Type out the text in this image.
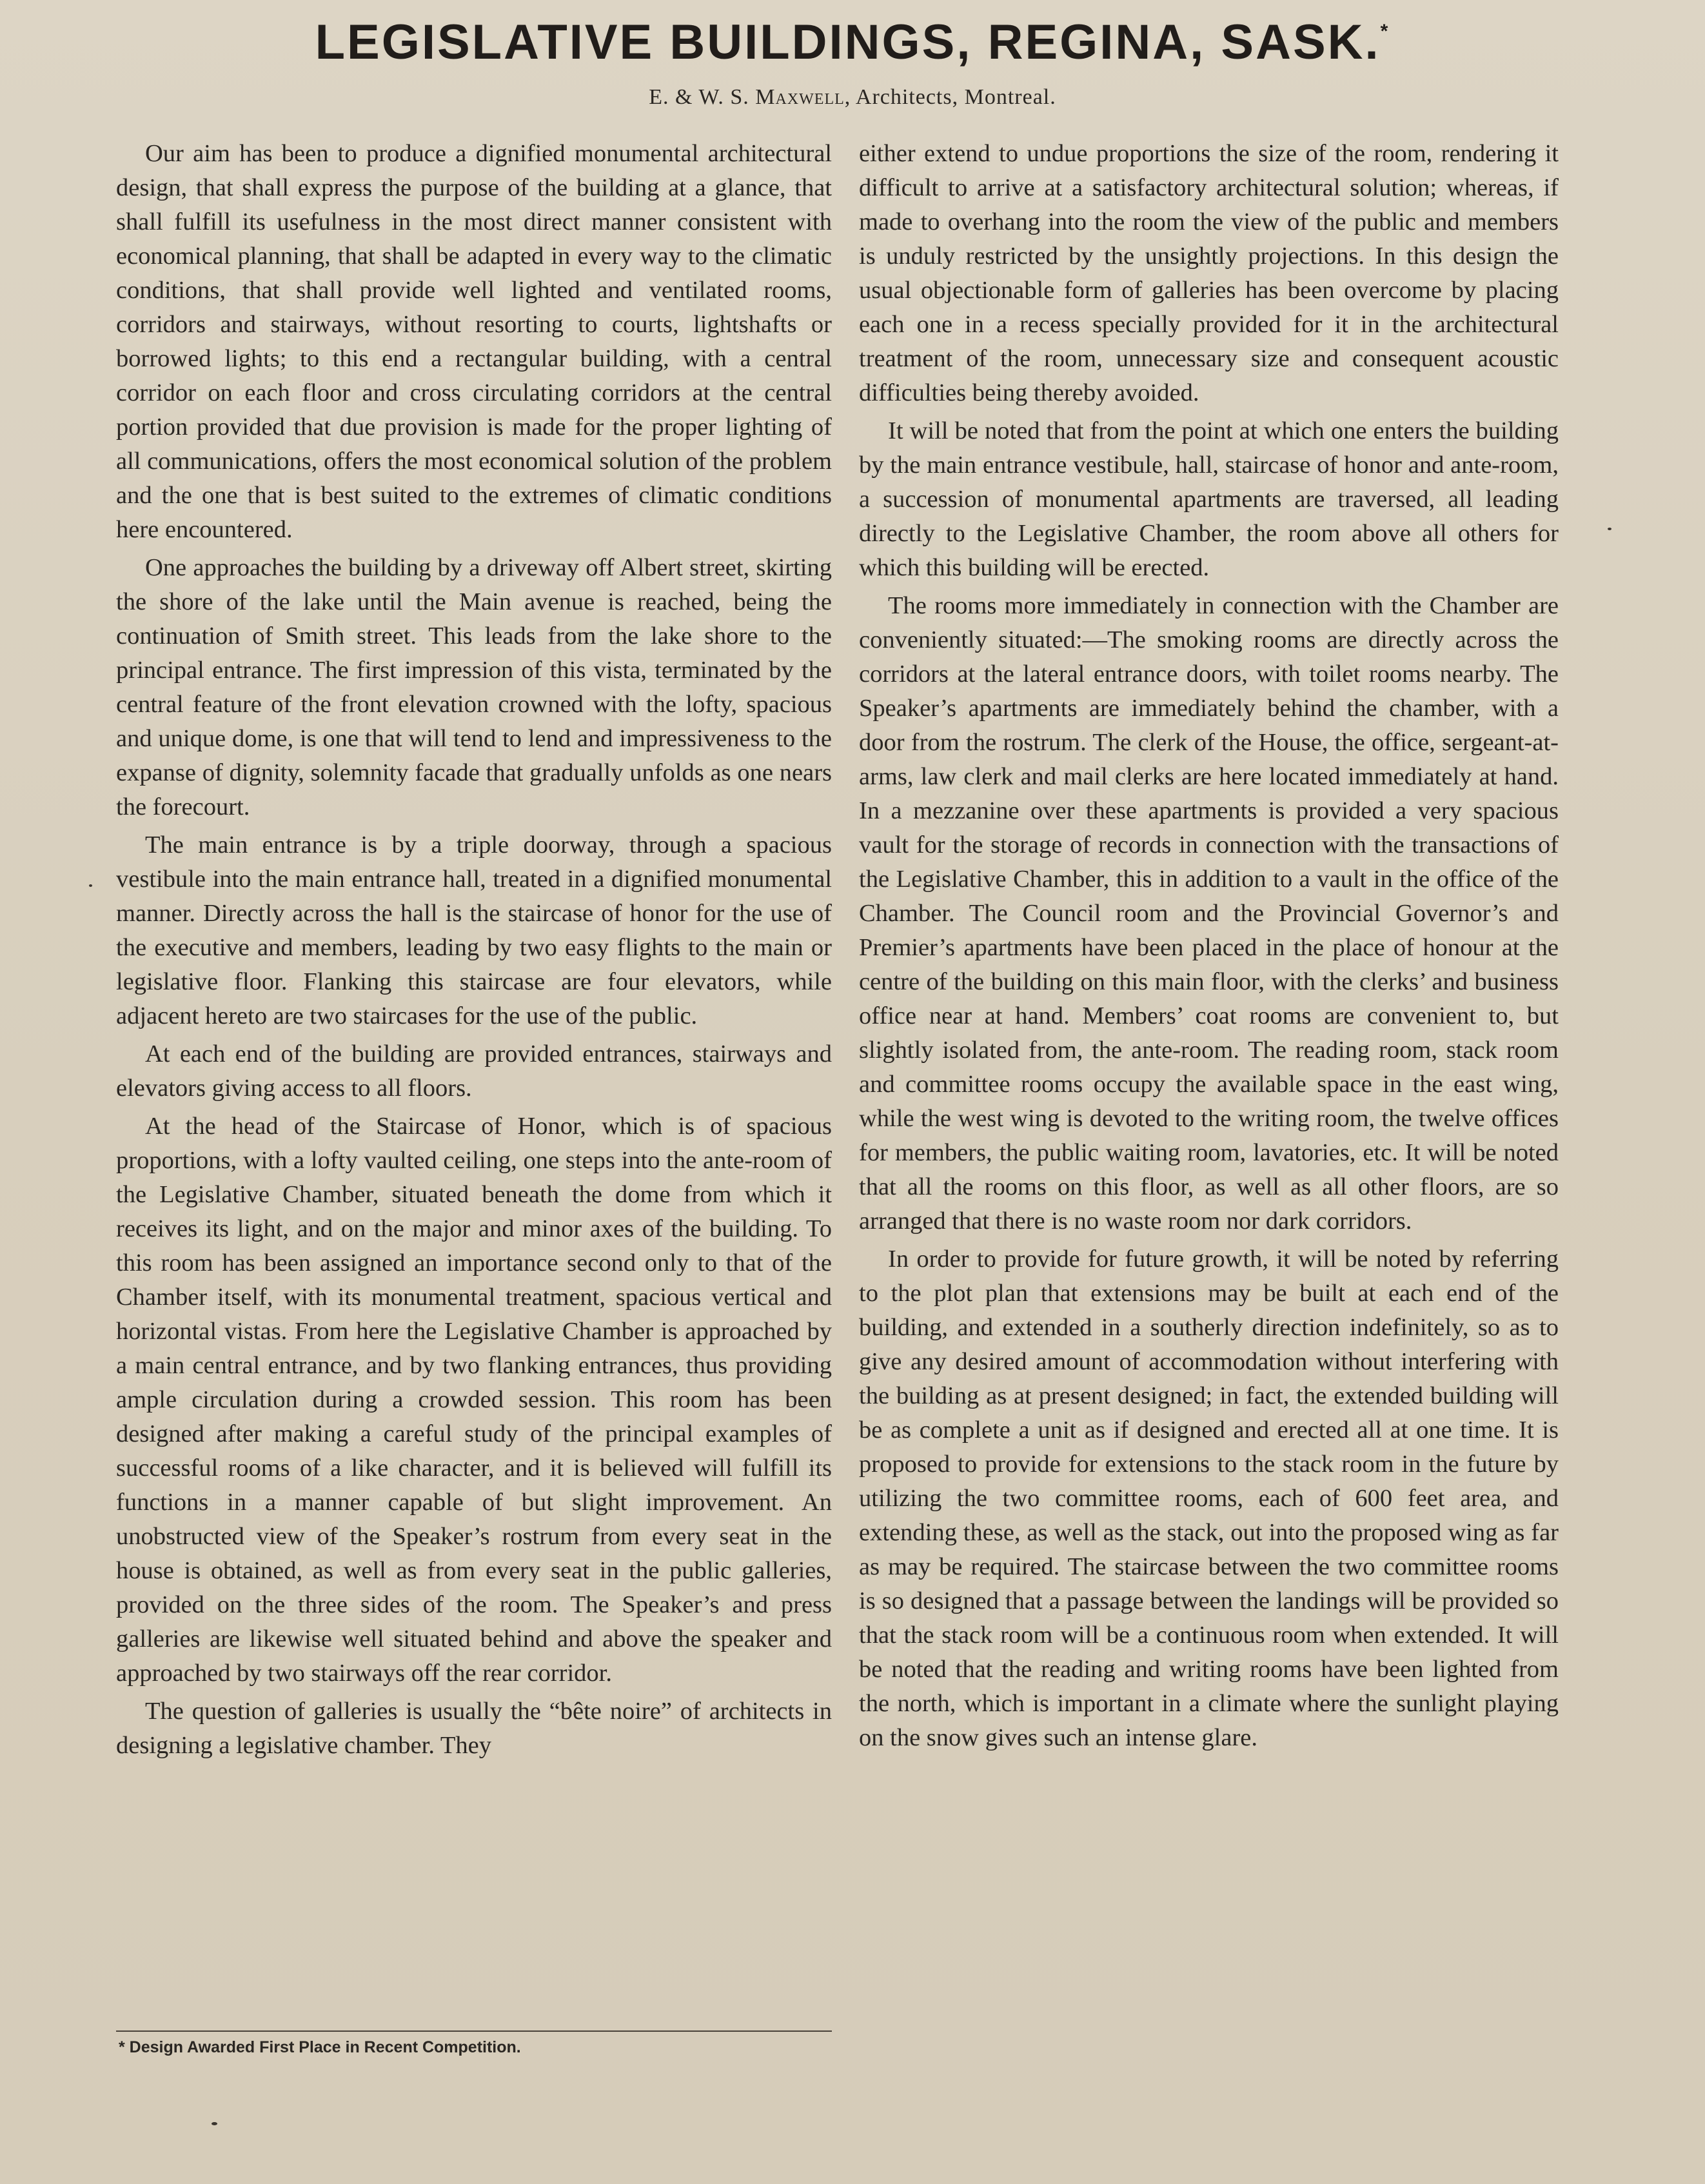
LEGISLATIVE BUILDINGS, REGINA, SASK.*
E. & W. S. Maxwell, Architects, Montreal.

Our aim has been to produce a dignified monumental architectural design, that shall express the purpose of the building at a glance, that shall fulfill its usefulness in the most direct manner consistent with economical planning, that shall be adapted in every way to the climatic conditions, that shall provide well lighted and ventilated rooms, corridors and stairways, without resorting to courts, lightshafts or borrowed lights; to this end a rectangular building, with a central corridor on each floor and cross circulating corridors at the central portion provided that due provision is made for the proper lighting of all communications, offers the most economical solution of the problem and the one that is best suited to the extremes of climatic conditions here encountered.

One approaches the building by a driveway off Albert street, skirting the shore of the lake until the Main avenue is reached, being the continuation of Smith street. This leads from the lake shore to the principal entrance. The first impression of this vista, terminated by the central feature of the front elevation crowned with the lofty, spacious and unique dome, is one that will tend to lend and impressiveness to the expanse of dignity, solemnity facade that gradually unfolds as one nears the forecourt.

The main entrance is by a triple doorway, through a spacious vestibule into the main entrance hall, treated in a dignified monumental manner. Directly across the hall is the staircase of honor for the use of the executive and members, leading by two easy flights to the main or legislative floor. Flanking this staircase are four elevators, while adjacent hereto are two staircases for the use of the public.

At each end of the building are provided entrances, stairways and elevators giving access to all floors.

At the head of the Staircase of Honor, which is of spacious proportions, with a lofty vaulted ceiling, one steps into the ante-room of the Legislative Chamber, situated beneath the dome from which it receives its light, and on the major and minor axes of the building. To this room has been assigned an importance second only to that of the Chamber itself, with its monumental treatment, spacious vertical and horizontal vistas. From here the Legislative Chamber is approached by a main central entrance, and by two flanking entrances, thus providing ample circulation during a crowded session. This room has been designed after making a careful study of the principal examples of successful rooms of a like character, and it is believed will fulfill its functions in a manner capable of but slight improvement. An unobstructed view of the Speaker’s rostrum from every seat in the house is obtained, as well as from every seat in the public galleries, provided on the three sides of the room. The Speaker’s and press galleries are likewise well situated behind and above the speaker and approached by two stairways off the rear corridor.

The question of galleries is usually the “bête noire” of architects in designing a legislative chamber. They

either extend to undue proportions the size of the room, rendering it difficult to arrive at a satisfactory architectural solution; whereas, if made to overhang into the room the view of the public and members is unduly restricted by the unsightly projections. In this design the usual objectionable form of galleries has been overcome by placing each one in a recess specially provided for it in the architectural treatment of the room, unnecessary size and consequent acoustic difficulties being thereby avoided.

It will be noted that from the point at which one enters the building by the main entrance vestibule, hall, staircase of honor and ante-room, a succession of monumental apartments are traversed, all leading directly to the Legislative Chamber, the room above all others for which this building will be erected.

The rooms more immediately in connection with the Chamber are conveniently situated:—The smoking rooms are directly across the corridors at the lateral entrance doors, with toilet rooms nearby. The Speaker’s apartments are immediately behind the chamber, with a door from the rostrum. The clerk of the House, the office, sergeant-at-arms, law clerk and mail clerks are here located immediately at hand. In a mezzanine over these apartments is provided a very spacious vault for the storage of records in connection with the transactions of the Legislative Chamber, this in addition to a vault in the office of the Chamber. The Council room and the Provincial Governor’s and Premier’s apartments have been placed in the place of honour at the centre of the building on this main floor, with the clerks’ and business office near at hand. Members’ coat rooms are convenient to, but slightly isolated from, the ante-room. The reading room, stack room and committee rooms occupy the available space in the east wing, while the west wing is devoted to the writing room, the twelve offices for members, the public waiting room, lavatories, etc. It will be noted that all the rooms on this floor, as well as all other floors, are so arranged that there is no waste room nor dark corridors.

In order to provide for future growth, it will be noted by referring to the plot plan that extensions may be built at each end of the building, and extended in a southerly direction indefinitely, so as to give any desired amount of accommodation without interfering with the building as at present designed; in fact, the extended building will be as complete a unit as if designed and erected all at one time. It is proposed to provide for extensions to the stack room in the future by utilizing the two committee rooms, each of 600 feet area, and extending these, as well as the stack, out into the proposed wing as far as may be required. The staircase between the two committee rooms is so designed that a passage between the landings will be provided so that the stack room will be a continuous room when extended. It will be noted that the reading and writing rooms have been lighted from the north, which is important in a climate where the sunlight playing on the snow gives such an intense glare.

* Design Awarded First Place in Recent Competition.
